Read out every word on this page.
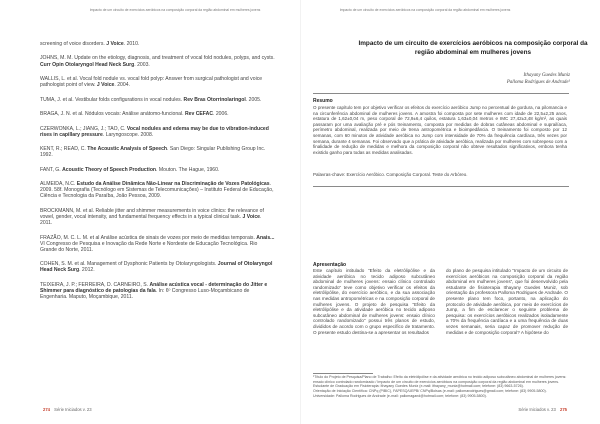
Impacto de um circuito de exercícios aeróbicos na composição corporal da região abdominal em mulheres jovens
screening of voice disorders. J Voice. 2010.
JOHNS, M. M. Update on the etiology, diagnosis, and treatment of vocal fold nodules, polyps, and cysts. Curr Opin Otolaryngol Head Neck Surg. 2003.
WALLIS, L. et al. Vocal fold nodule vs. vocal fold polyp: Answer from surgical pathologist and voice pathologist point of view. J Voice. 2004.
TUMA, J. et al. Vestibular folds configurations in vocal nodules. Rev Bras Otorrinolaringol. 2005.
BRAGA, J. N. et al. Nódulos vocais: Análise anátomo-funcional. Rev CEFAC. 2006.
CZERWONKA, L.; JIANG, J.; TAO, C. Vocal nodules and edema may be due to vibration-induced rises in capillary pressure. Laryngoscope. 2008.
KENT, R.; READ, C. The Acoustic Analysis of Speech. San Diego: Singular Publishing Group Inc. 1992.
FANT, G. Acoustic Theory of Speech Production. Mouton. The Hague, 1960.
ALMEIDA, N.C. Estudo da Análise Dinâmica Não-Linear na Discriminação de Vozes Patológicas. 2009. 58f. Monografia (Tecnólogo em Sistemas de Telecomunicações) – Instituto Federal de Educação, Ciência e Tecnologia da Paraíba, João Pessoa, 2009.
BROCKMANN, M. et al. Reliable jitter and shimmer measurements in voice clinics: the relevance of vowel, gender, vocal intensity, and fundamental frequency effects in a typical clinical task. J Voice. 2011.
FRAZÃO, M. C. L. M. et al Análise acústica de sinais de vozes por meio de medidas temporais. Anais... VI Congresso de Pesquisa e Inovação da Rede Norte e Nordeste de Educação Tecnológica. Rio Grande do Norte, 2011.
COHEN, S. M. et al. Management of Dysphonic Patients by Otolaryngologists. Journal of Otolaryngol Head Neck Surg. 2012.
TEIXEIRA, J. P.; FERREIRA, D. CARNEIRO, S. Análise acústica vocal - determinação do Jitter e Shimmer para diagnóstico de patologias da fala. In: 6º Congresso Luso-Moçambicano de Engenharia. Maputo, Moçambique, 2011.
274 Série Iniciados v. 23
Impacto de um circuito de exercícios aeróbicos na composição corporal da região abdominal em mulheres jovens
Série Iniciados v. 23 275
Impacto de um circuito de exercícios aeróbicos na composição corporal da região abdominal em mulheres jovens
Ithayany Guedes Muniz
Palloma Rodrigues de Andrade¹
Resumo
O presente capítulo tem por objetivo verificar os efeitos do exercício aeróbico Jump no percentual de gordura, na pilomancia e na circunferência abdominal de mulheres jovens. A amostra foi composta por sete mulheres com idade de 22,5±2,25 anos, estatura de 1,62±0,04 m, peso corporal de 72,9±6,4 quilos, estatura 1,63±0,04 metros e IMC 27,42±3,48 kg/m², as quais passaram por uma avaliação pré e pós treinamento, composta por medidas de dobras cutâneas abdominal e suprailíaca, perímetro abdominal, realizada por meio de trena antropométrica e bioimpedância. O treinamento foi composto por 12 semanas, com 60 minutos de atividade aeróbica no Jump com intensidade de 70% da frequência cardíaca, três vezes por semana, durante 4 semanas. Foi observado que a prática de atividade aeróbica, realizada por mulheres com sobrepeso com a finalidade de redução de medidas e melhora da composição corporal não obteve resultados significativos, embora tenha existido ganho para todas as medidas analisadas.
Palavras-chave: Exercício Aeróbico. Composição Corporal. Teste do Arbóreo.
Apresentação
Este capítulo intitulado “Efeito da eletrólipólise e da atividade aeróbica no tecido adiposo subcutâneo abdominal de mulheres jovens: ensaio clínico controlado randomizado” teve como objetivo verificar os efeitos da eletrólipólise, do exercício aeróbico, e da sua associação nas medidas antropométricas e na composição corporal de mulheres jovens. O projeto de pesquisa “Efeito da eletrólipólise e da atividade aeróbica no tecido adiposo subcutâneo abdominal de mulheres jovens: ensaio clínico controlado randomizado” possui três planos de estudo, divididos de acordo com o grupo específico de tratamento. O presente estudo destina-se a apresentar os resultados
do plano de pesquisa intitulado “Impacto de um circuito de exercícios aeróbicos na composição corporal da região abdominal em mulheres jovens”, que foi desenvolvido pela estudante de fisioterapia Ithayany Guedes Muniz, sob orientação da professora Palloma Rodrigues de Andrade. O presente plano tem foco, portanto, na aplicação do protocolo de atividade aeróbica, por meio de exercícios de Jump, a fim de esclarecer o seguinte problema de pesquisa: os exercícios aeróbicos realizados isoladamente a 70% da frequência cardíaca e a uma frequência de duas vezes semanais, seria capaz de promover redução de medidas e de composição corporal? A hipótese do
¹Título do Projeto de Pesquisa/Plano de Trabalho: Efeito da eletrólipólise e da atividade aeróbica no tecido adiposo subcutâneo abdominal de mulheres jovens: ensaio clínico controlado randomizado / Impacto de um circuito de exercícios aeróbicos na composição corporal da região abdominal em mulheres jovens.
Estudante de Graduação em Fisioterapia: Ithayany Guedes Muniz (e-mail: ithayany_muniz@hotmail.com; telefone: (83) 9663-5726).
Orientação de Iniciação Científica: CNPq (PIBIC), FAPESQ/UEPB/ CNPq/Bolsas (e-mail: pallomarodrigues@gmail.com; telefone: (83) 9905-5800).
Universidade: Palloma Rodrigues de Andrade (e-mail: pallomagand@hotmail.com; telefone: (83) 9905-5800).
